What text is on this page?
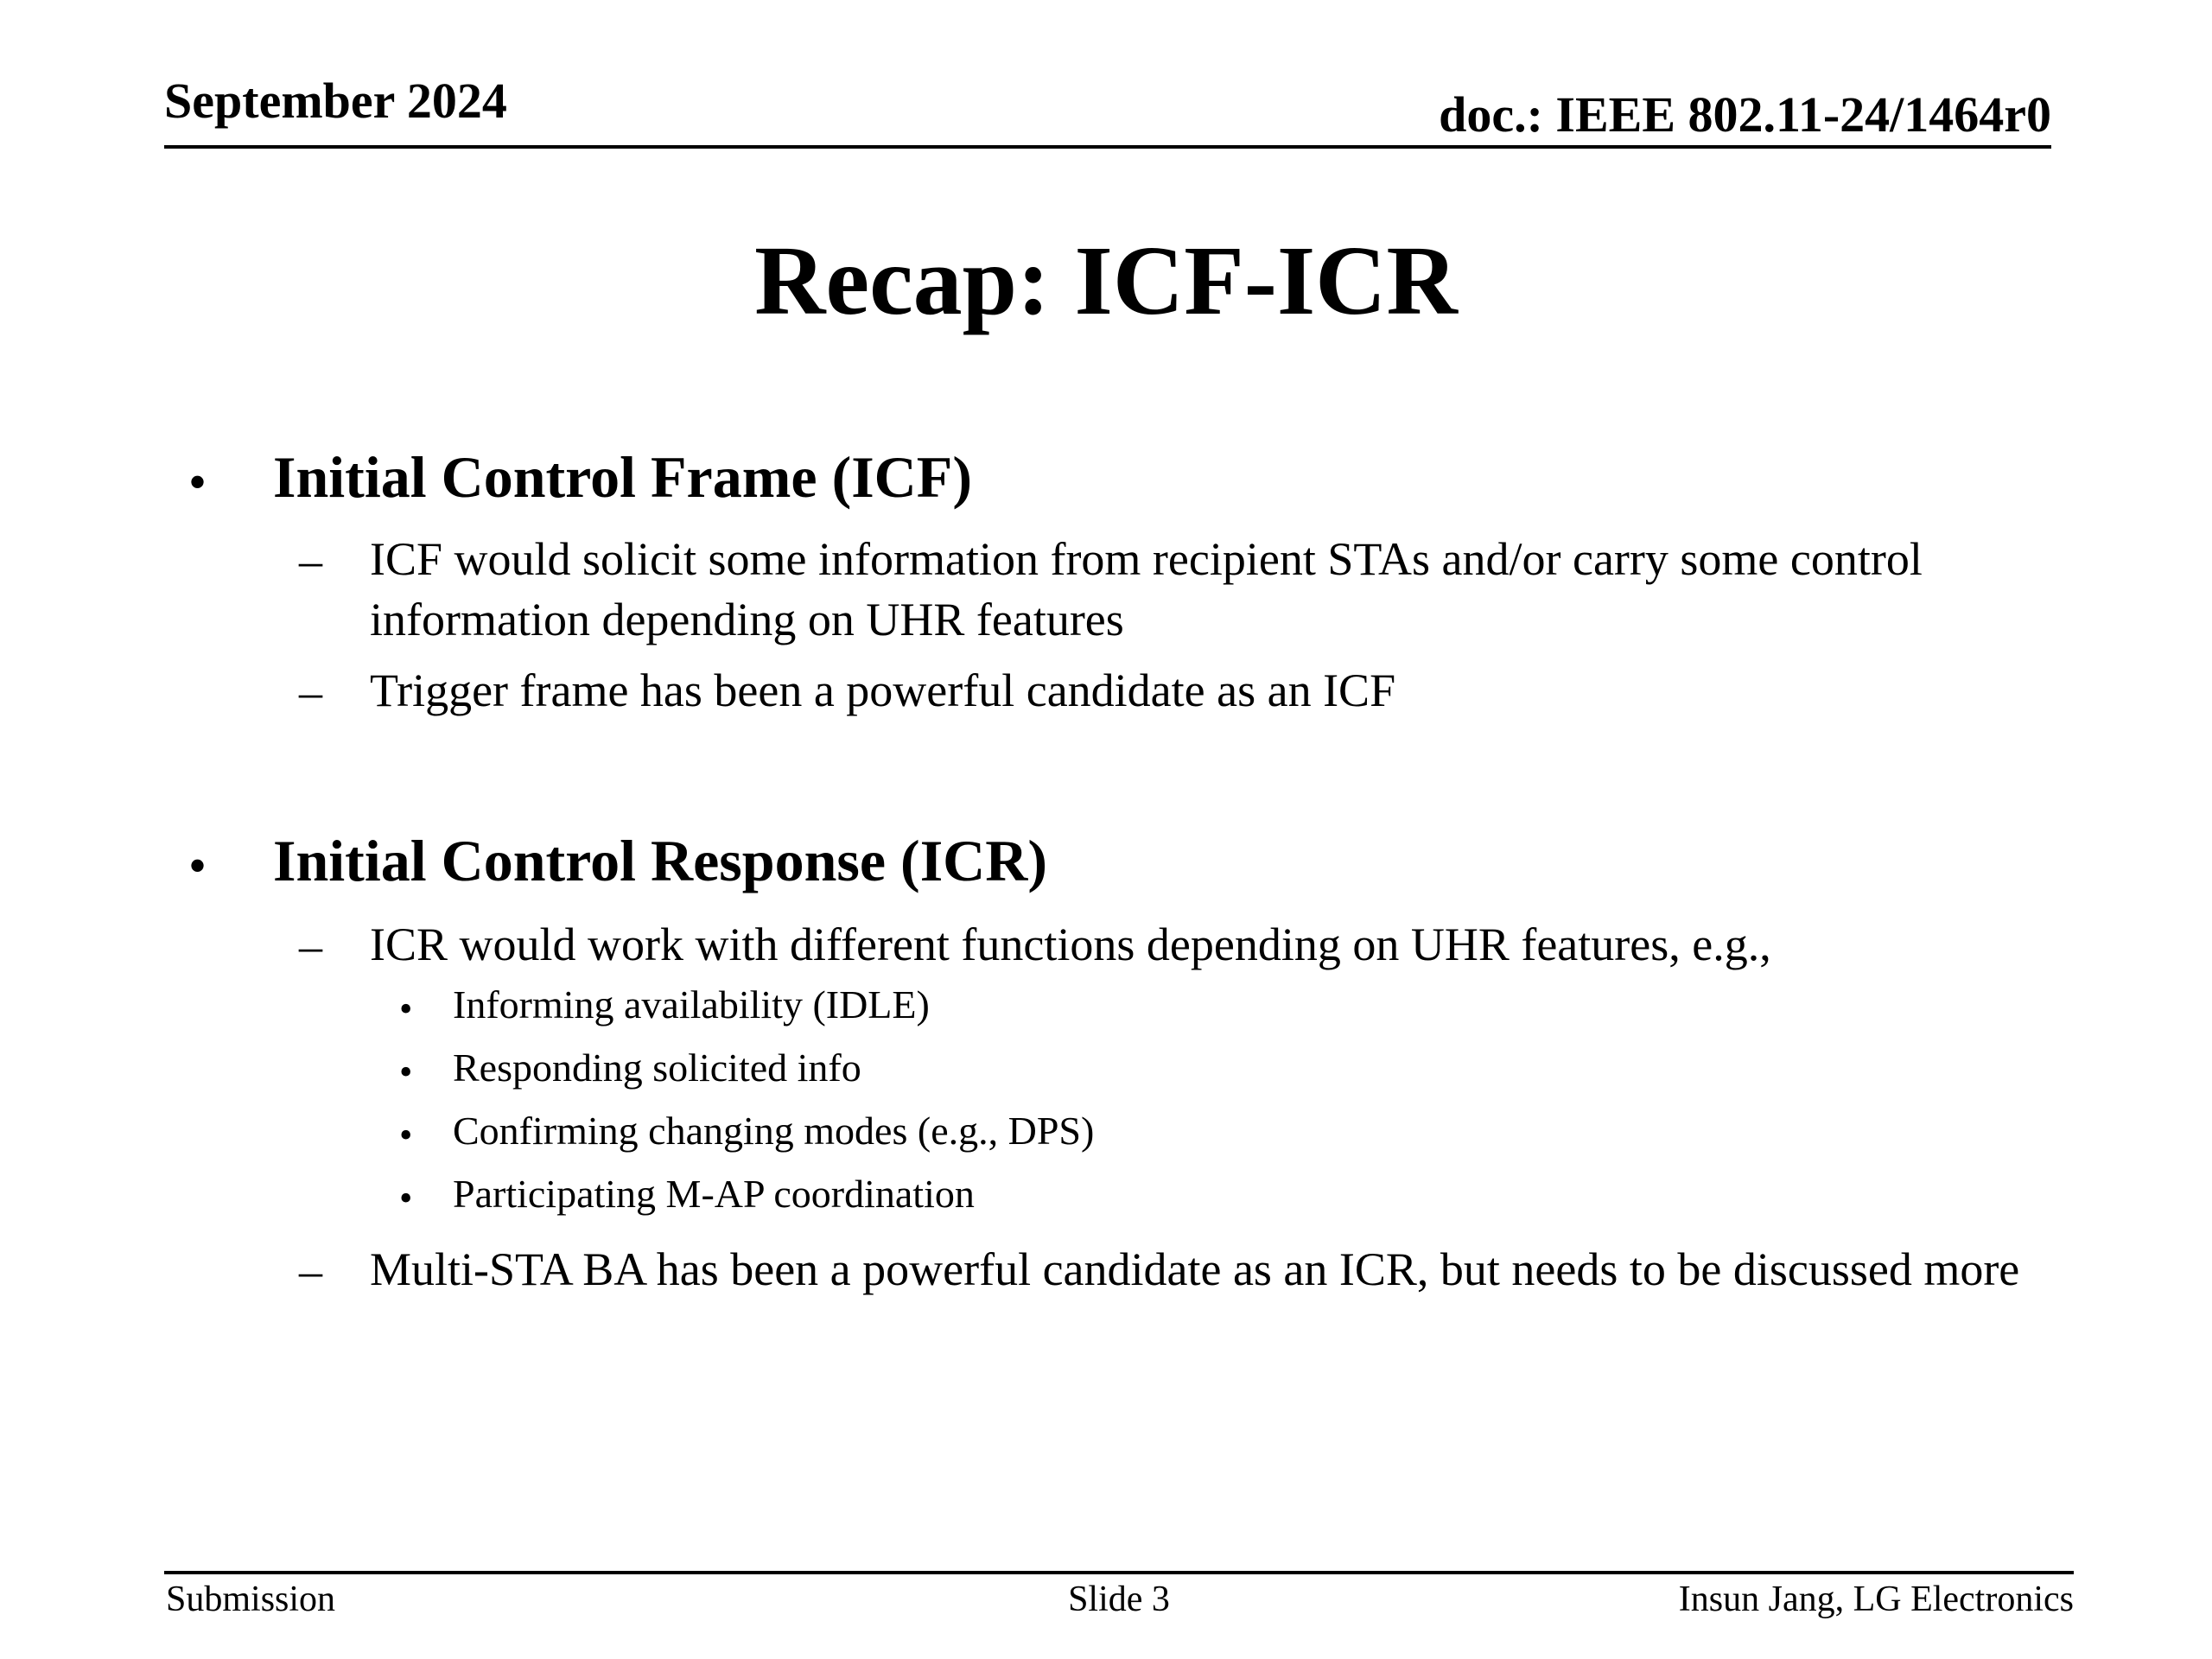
September 2024	doc.: IEEE 802.11-24/1464r0
Recap: ICF-ICR
• Initial Control Frame (ICF)
– ICF would solicit some information from recipient STAs and/or carry some control information depending on UHR features
– Trigger frame has been a powerful candidate as an ICF
• Initial Control Response (ICR)
– ICR would work with different functions depending on UHR features, e.g.,
• Informing availability (IDLE)
• Responding solicited info
• Confirming changing modes (e.g., DPS)
• Participating M-AP coordination
– Multi-STA BA has been a powerful candidate as an ICR, but needs to be discussed more
Submission	Slide 3	Insun Jang, LG Electronics
